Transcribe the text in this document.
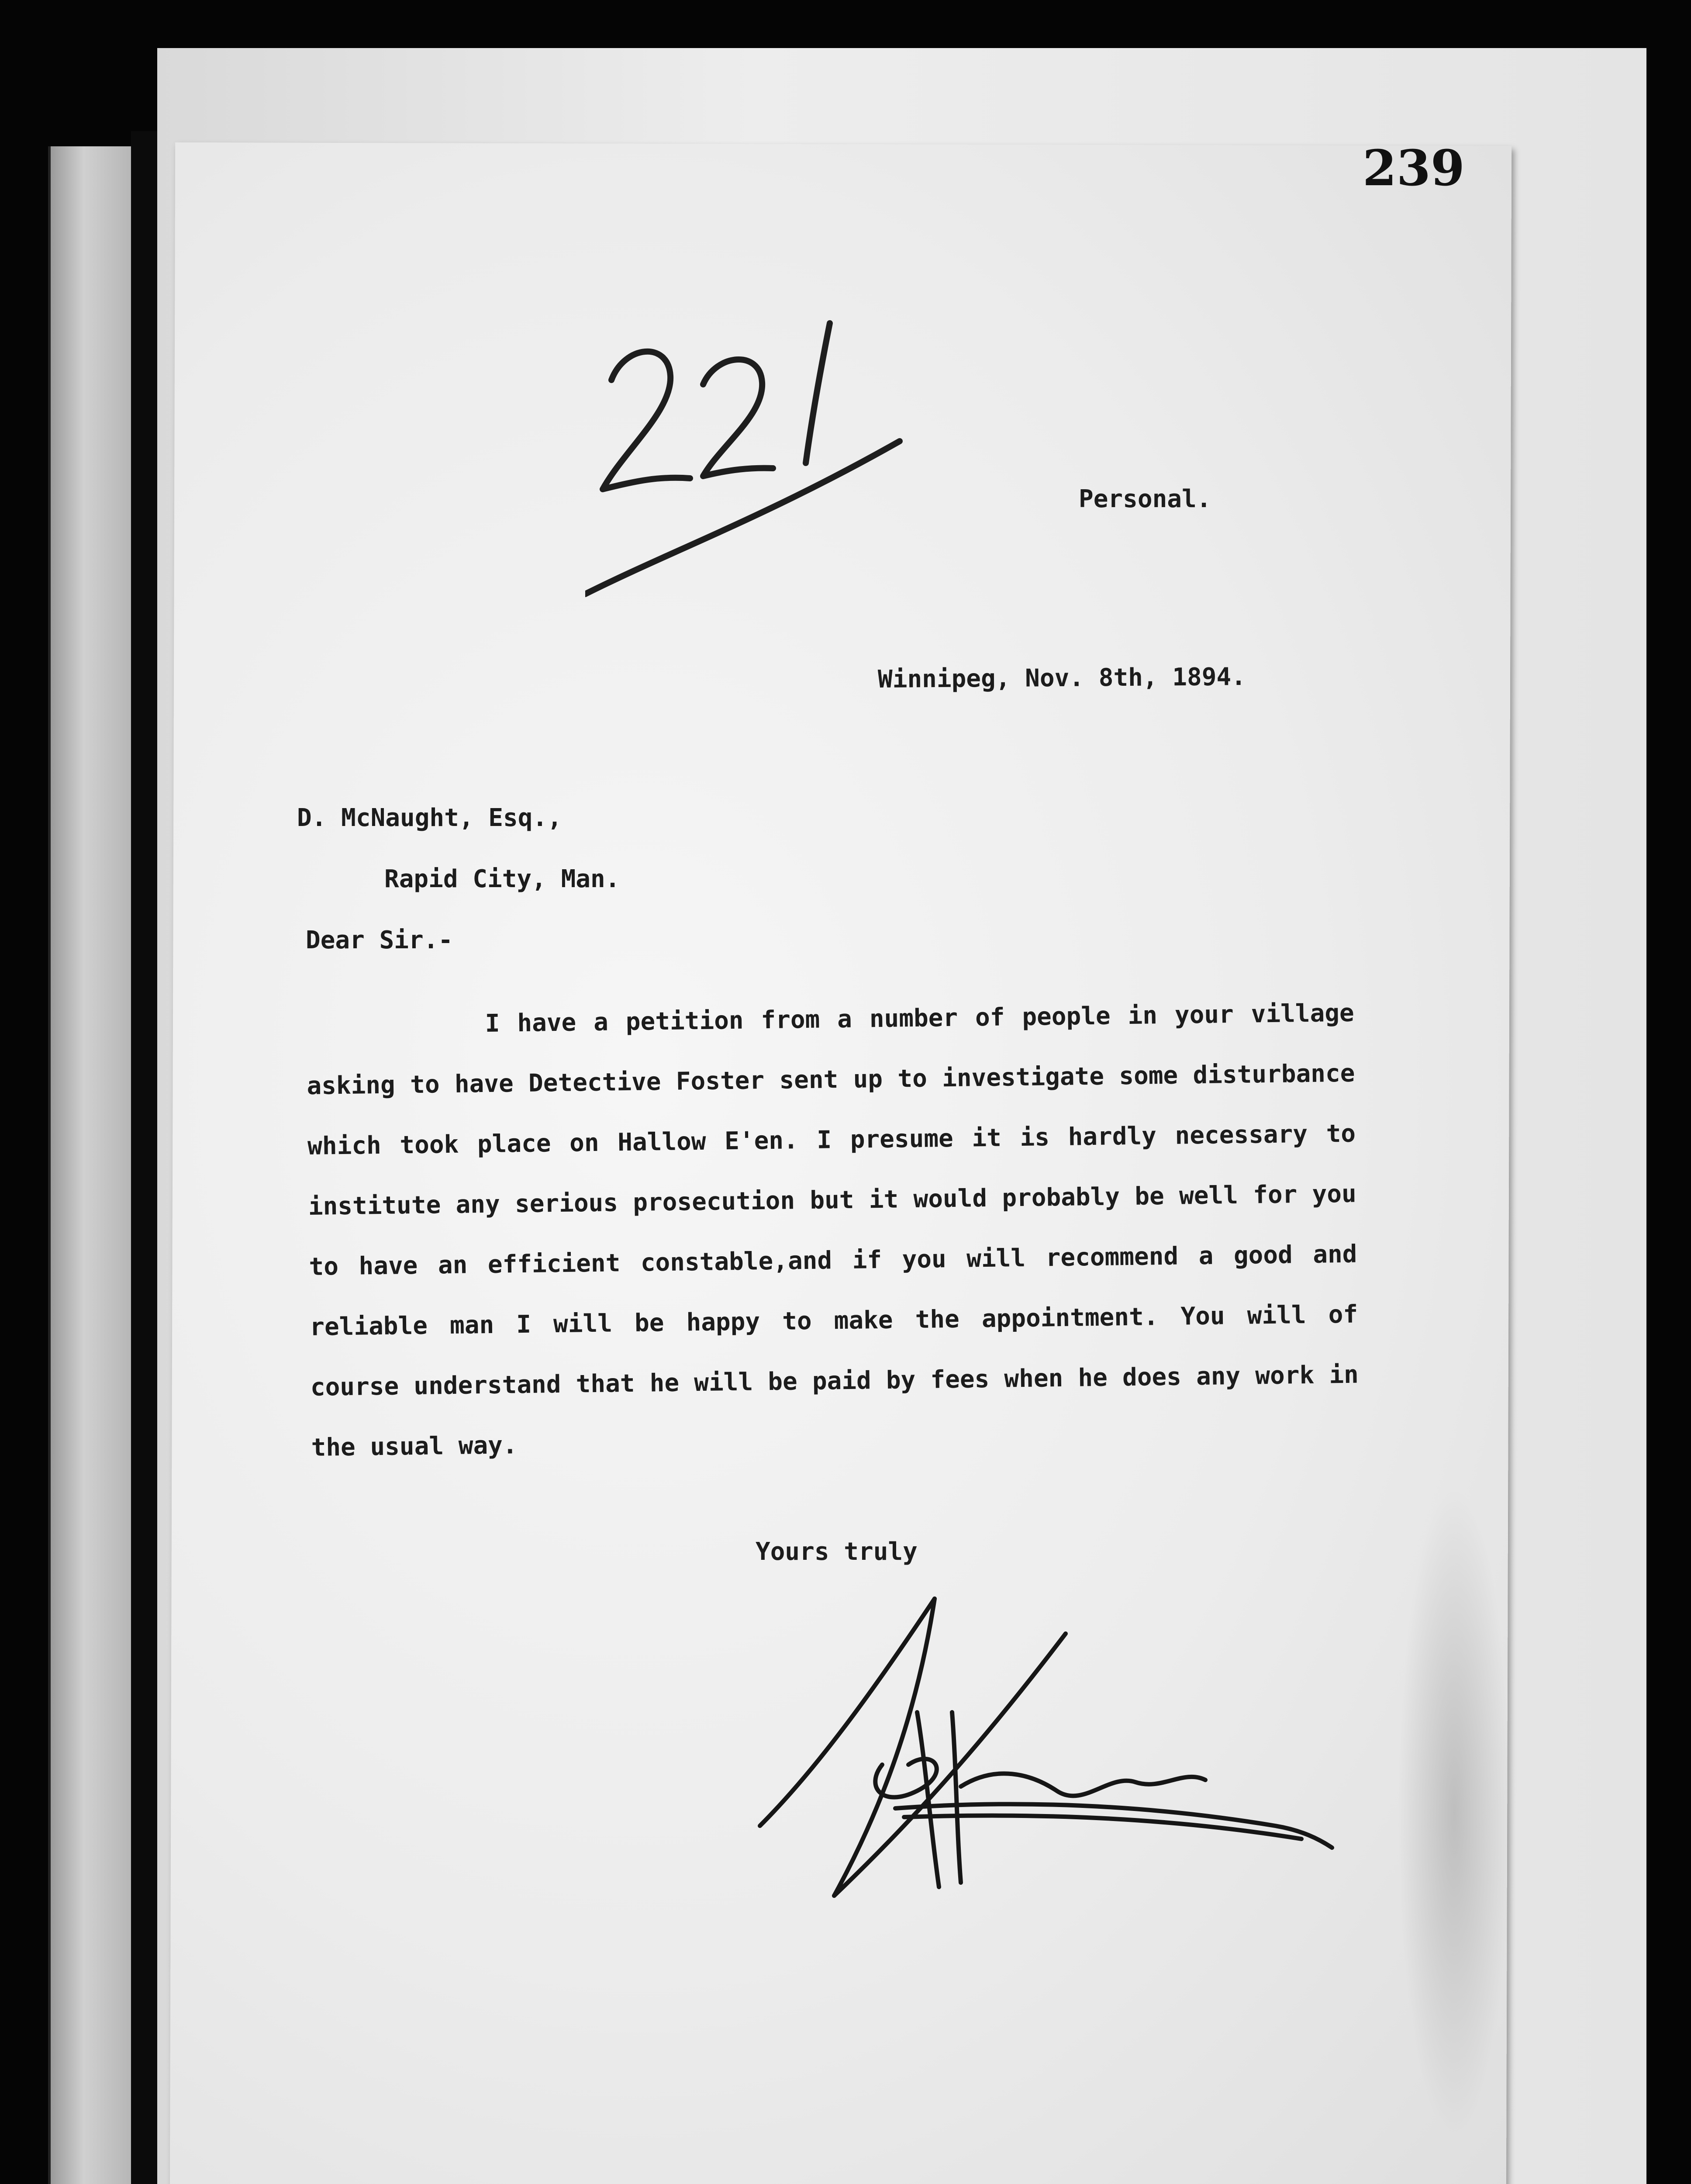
239

Personal.

Winnipeg, Nov. 8th, 1894.

D. McNaught, Esq.,

Rapid City, Man.

Dear Sir.-

I have a petition from a number of people in your village asking to have Detective Foster sent up to investigate some disturbance which took place on Hallow E'en. I presume it is hardly necessary to institute any serious prosecution but it would probably be well for you to have an efficient constable,and if you will recommend a good and reliable man I will be happy to make the appointment. You will of course understand that he will be paid by fees when he does any work in the usual way.

Yours truly
